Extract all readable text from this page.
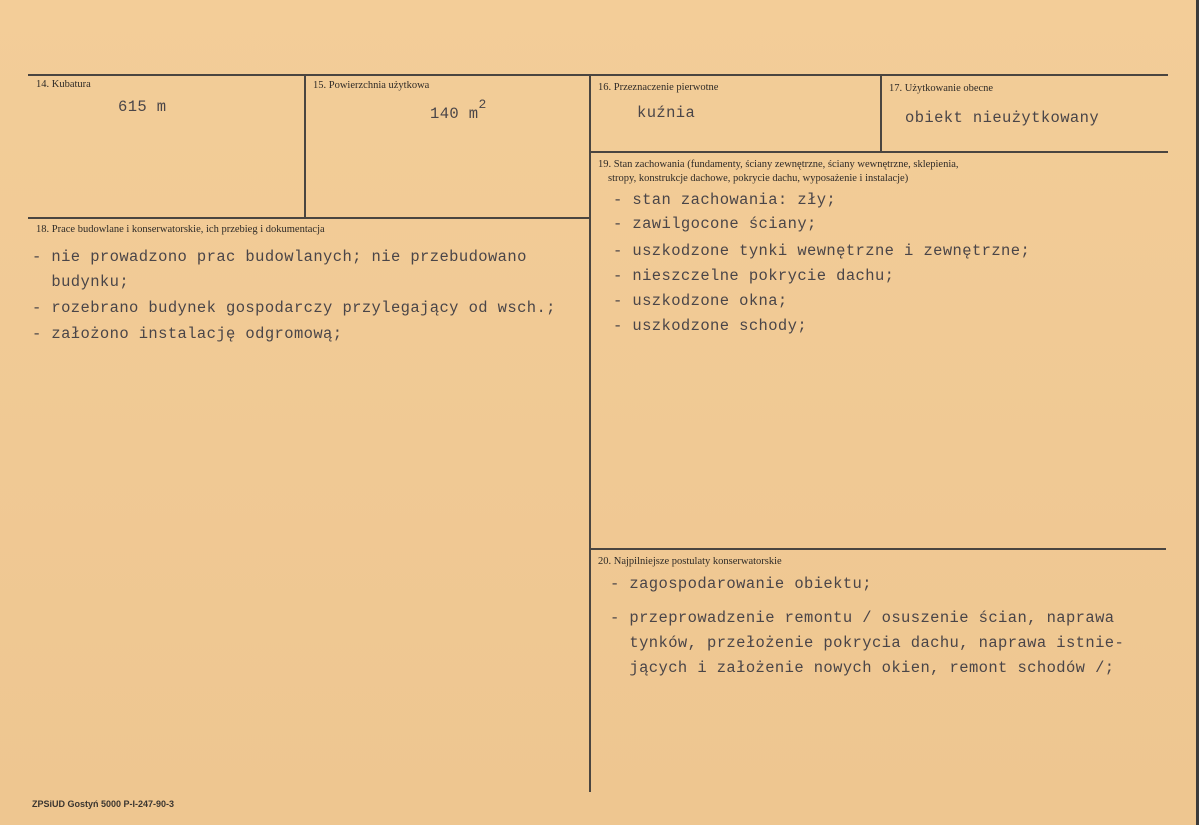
14. Kubatura
615 m
15. Powierzchnia użytkowa
140 $m^2$
16. Przeznaczenie pierwotne
kuźnia
17. Użytkowanie obecne
obiekt nieużytkowany
18. Prace budowlane i konserwatorskie, ich przebieg i dokumentacja
- nie prowadzono prac budowlanych; nie przebudowano
budynku;
- rozebrano budynek gospodarczy przylegający od wsch.;
- założono instalację odgromową;
19. Stan zachowania (fundamenty, ściany zewnętrzne, ściany wewnętrzne, sklepienia,
stropy, konstrukcje dachowe, pokrycie dachu, wyposażenie i instalacje)
- stan zachowania: zły;
- zawilgocone ściany;
- uszkodzone tynki wewnętrzne i zewnętrzne;
- nieszczelne pokrycie dachu;
- uszkodzone okna;
- uszkodzone schody;
20. Najpilniejsze postulaty konserwatorskie
- zagospodarowanie obiektu;
- przeprowadzenie remontu / osuszenie ścian, naprawa
tynków, przełożenie pokrycia dachu, naprawa istnie-
jących i założenie nowych okien, remont schodów /;
ZPSiUD Gostyń 5000 P-I-247-90-3
